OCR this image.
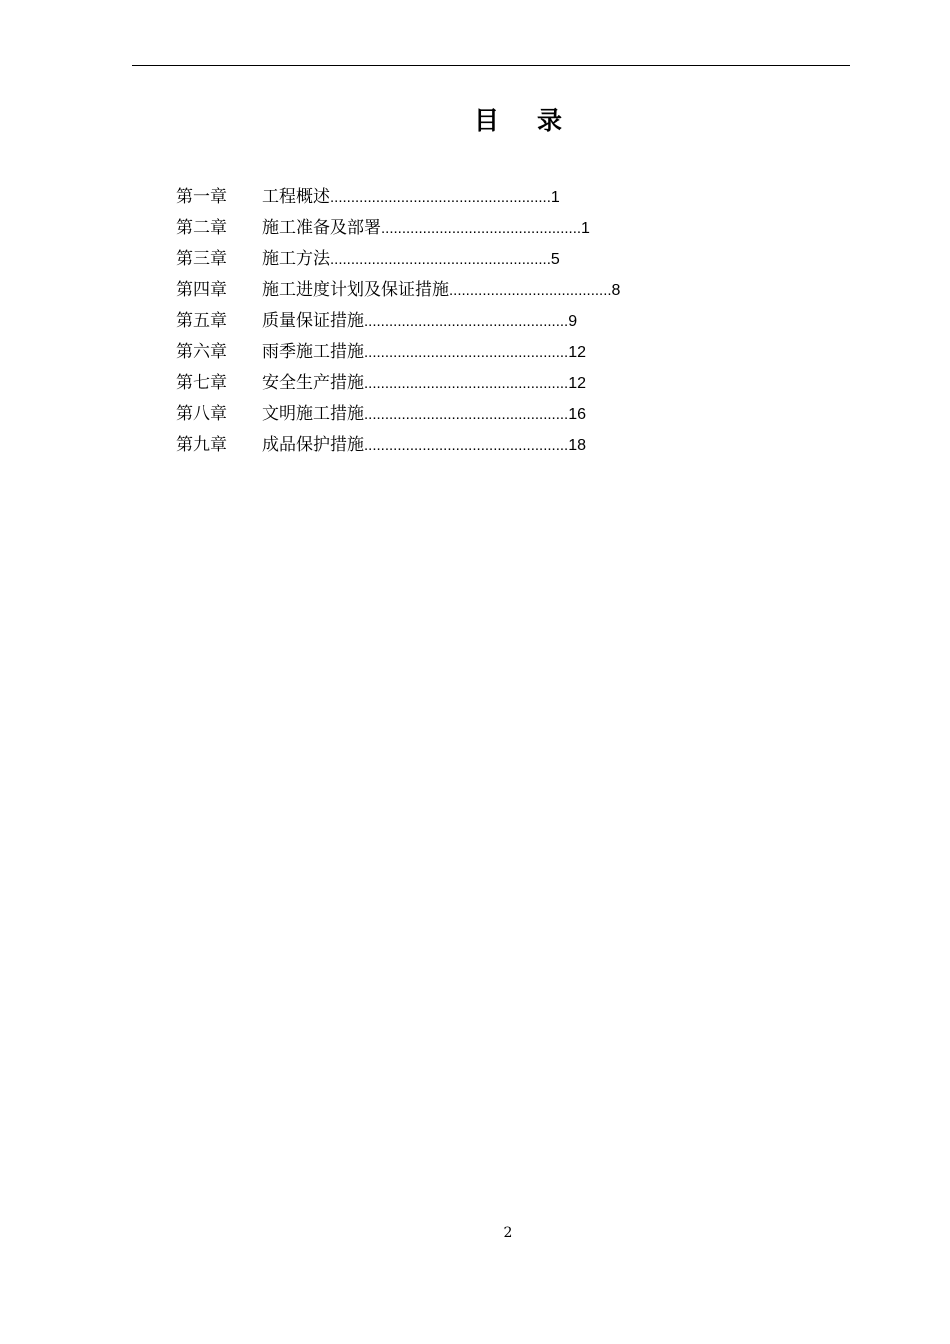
目 录
第一章	工程概述 ..................................................... 1
第二章	施工准备及部署 ................................................ 1
第三章	施工方法 ..................................................... 5
第四章	施工进度计划及保证措施 ....................................... 8
第五章	质量保证措施 ................................................. 9
第六章	雨季施工措施 ................................................. 12
第七章	安全生产措施 ................................................. 12
第八章	文明施工措施 ................................................. 16
第九章	成品保护措施 ................................................. 18
2
